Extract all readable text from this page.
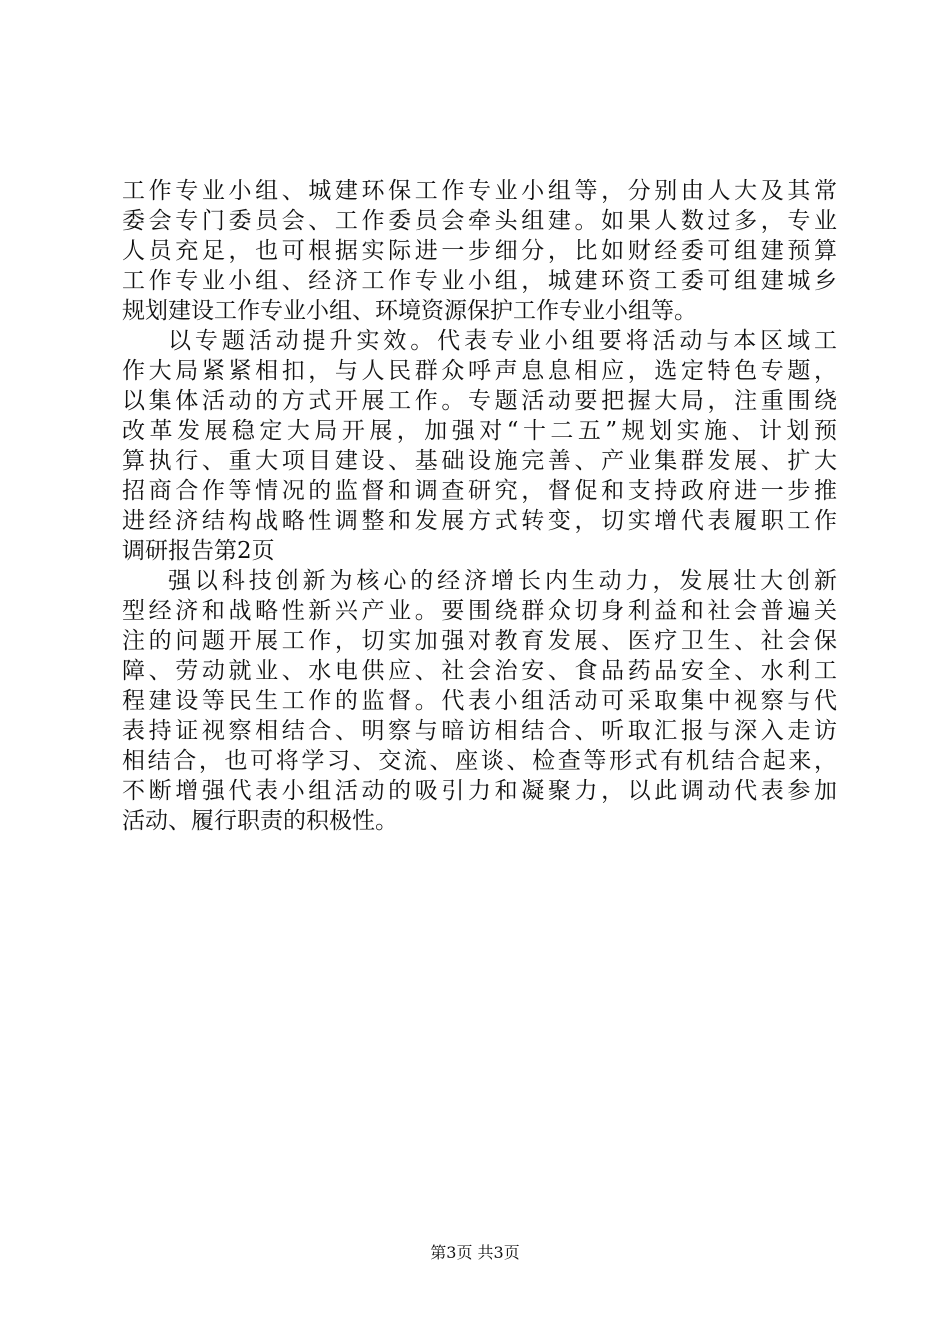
工作专业小组、城建环保工作专业小组等，分别由人大及其常
委会专门委员会、工作委员会牵头组建。如果人数过多，专业
人员充足，也可根据实际进一步细分，比如财经委可组建预算
工作专业小组、经济工作专业小组，城建环资工委可组建城乡
规划建设工作专业小组、环境资源保护工作专业小组等。
以专题活动提升实效。代表专业小组要将活动与本区域工
作大局紧紧相扣，与人民群众呼声息息相应，选定特色专题，
以集体活动的方式开展工作。专题活动要把握大局，注重围绕
改革发展稳定大局开展，加强对“十二五”规划实施、计划预
算执行、重大项目建设、基础设施完善、产业集群发展、扩大
招商合作等情况的监督和调查研究，督促和支持政府进一步推
进经济结构战略性调整和发展方式转变，切实增代表履职工作
调研报告第2页
强以科技创新为核心的经济增长内生动力，发展壮大创新
型经济和战略性新兴产业。要围绕群众切身利益和社会普遍关
注的问题开展工作，切实加强对教育发展、医疗卫生、社会保
障、劳动就业、水电供应、社会治安、食品药品安全、水利工
程建设等民生工作的监督。代表小组活动可采取集中视察与代
表持证视察相结合、明察与暗访相结合、听取汇报与深入走访
相结合，也可将学习、交流、座谈、检查等形式有机结合起来，
不断增强代表小组活动的吸引力和凝聚力，以此调动代表参加
活动、履行职责的积极性。
第3页 共3页
